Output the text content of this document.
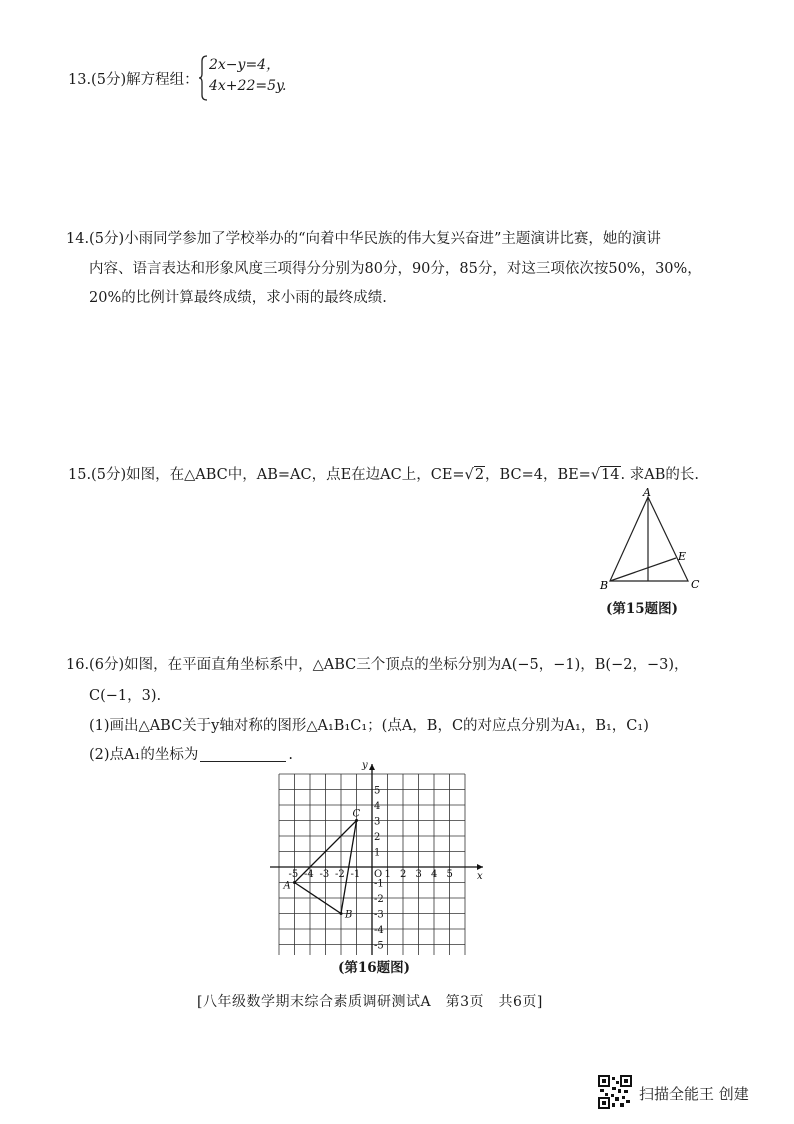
13.(5分)解方程组：
2x−y=4，
4x+22=5y.
14.(5分)小雨同学参加了学校举办的“向着中华民族的伟大复兴奋进”主题演讲比赛，她的演讲
内容、语言表达和形象风度三项得分分别为80分，90分，85分，对这三项依次按50%，30%，
20%的比例计算最终成绩，求小雨的最终成绩.
15.(5分)如图，在△ABC中，AB=AC，点E在边AC上，CE=√2，BC=4，BE=√14. 求AB的长.
A
B	C
E
(第15题图)
16.(6分)如图，在平面直角坐标系中，△ABC三个顶点的坐标分别为A(−5，−1)，B(−2，−3)，
C(−1，3).
(1)画出△ABC关于y轴对称的图形△A₁B₁C₁；(点A，B，C的对应点分别为A₁，B₁，C₁)
(2)点A₁的坐标为	.
-5 -4 -3 -2 -1 1 2 3 4 5
5
4
3
2
1
-1
-2
-3
-4
-5
O	x
y
A
B
C
(第16题图)
[八年级数学期末综合素质调研测试A　第3页　共6页]
扫描全能王 创建
